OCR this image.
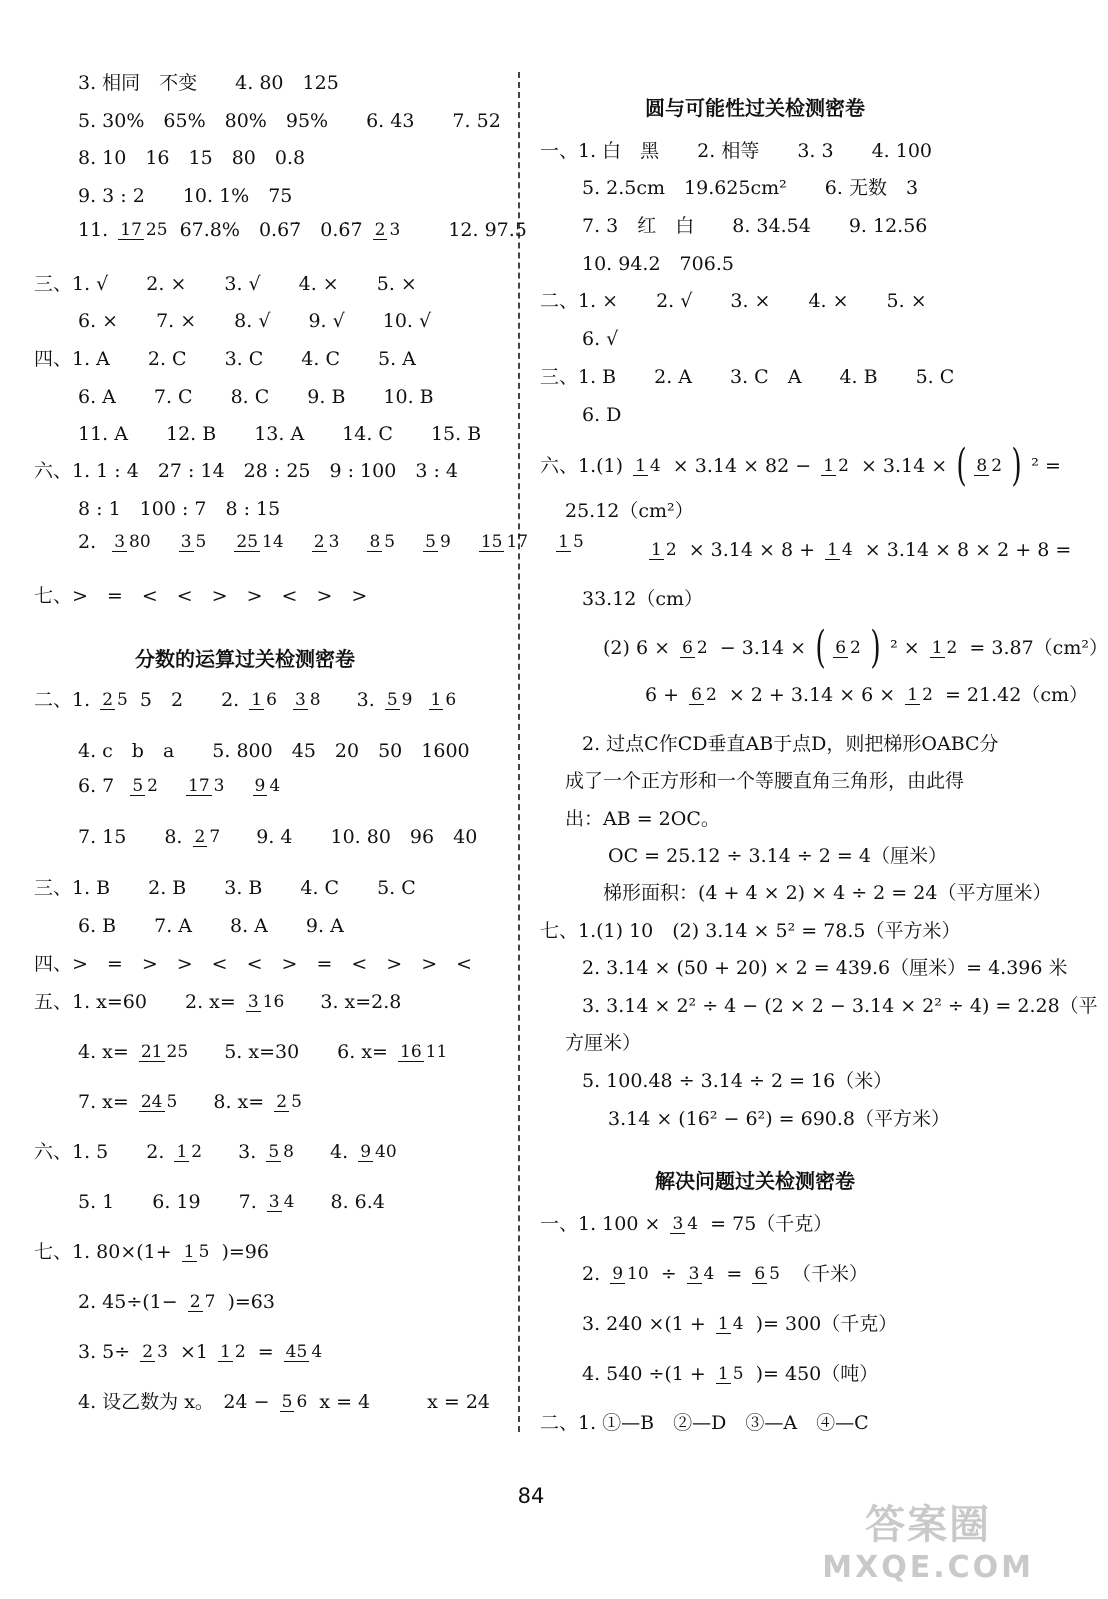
3. 相同　不变　　4. 80　125
5. 30%　65%　80%　95%　　6. 43　　7. 52
8. 10　16　15　80　0.8
9. 3 : 2　　10. 1%　75
11. 17 25 67.8%　0.67̇　0.6̇7̇ 2 3	12. 97.5
三、1. √　　2. ×　　3. √　　4. ×　　5. ×
6. ×　　7. ×　　8. √　　9. √　　10. √
四、1. A　　2. C　　3. C　　4. C　　5. A
6. A　　7. C　　8. C　　9. B　　10. B
11. A　　12. B　　13. A　　14. C　　15. B
六、1. 1 : 4　27 : 14　28 : 25　9 : 100　3 : 4
8 : 1　100 : 7　8 : 15
2. 3 80 3 5 25 14 2 3 8 5 5 9 15 17 1 5
七、>　=　<　<　>　>　<　>　>
分数的运算过关检测密卷
二、1. 2 5 5　2　　2. 1 6 3 8 3. 5 9 1 6
4. c　b　a　　5. 800　45　20　50　1600
6. 7 5 2 17 3 9 4
7. 15　　8. 2 7 9. 4　　10. 80　96　40
三、1. B　　2. B　　3. B　　4. C　　5. C
6. B　　7. A　　8. A　　9. A
四、>　=　>　>　<　<　>　=　<　>　>　<
五、1. x=60　　2. x= 3 16 3. x=2.8
4. x= 21 25 5. x=30　　6. x= 16 11
7. x= 24 5 8. x= 2 5
六、1. 5　　2. 1 2 3. 5 8 4. 9 40
5. 1　　6. 19　　7. 3 4 8. 6.4
七、1. 80×(1+ 1 5 )=96
2. 45÷(1− 2 7 )=63
3. 5÷ 2 3 ×1 1 2 = 45 4
4. 设乙数为 x。　24 − 5 6 x = 4　　　x = 24
圆与可能性过关检测密卷
一、1. 白　黑　　2. 相等　　3. 3　　4. 100
5. 2.5cm　19.625cm²　　6. 无数　3
7. 3　红　白　　8. 34.54　　9. 12.56
10. 94.2　706.5
二、1. ×　　2. √　　3. ×　　4. ×　　5. ×
6. √
三、1. B　　2. A　　3. C　A　　4. B　　5. C
6. D
六、1.(1) 1 4 × 3.14 × 82 − 1 2 × 3.14 × ( 8 2 ) ² =
25.12（cm²）
1 2 × 3.14 × 8 + 1 4 × 3.14 × 8 × 2 + 8 =
33.12（cm）
(2) 6 × 6 2 − 3.14 × ( 6 2 ) ² × 1 2 = 3.87（cm²）
6 + 6 2 × 2 + 3.14 × 6 × 1 2 = 21.42（cm）
2. 过点C作CD垂直AB于点D，则把梯形OABC分
成了一个正方形和一个等腰直角三角形，由此得
出：AB = 2OC。
OC = 25.12 ÷ 3.14 ÷ 2 = 4（厘米）
梯形面积：(4 + 4 × 2) × 4 ÷ 2 = 24（平方厘米）
七、1.(1) 10　(2) 3.14 × 5² = 78.5（平方米）
2. 3.14 × (50 + 20) × 2 = 439.6（厘米）= 4.396 米
3. 3.14 × 2² ÷ 4 − (2 × 2 − 3.14 × 2² ÷ 4) = 2.28（平
方厘米）
5. 100.48 ÷ 3.14 ÷ 2 = 16（米）
3.14 × (16² − 6²) = 690.8（平方米）
解决问题过关检测密卷
一、1. 100 × 3 4 = 75（千克）
2. 9 10 ÷ 3 4 = 6 5 （千米）
3. 240 ×(1 + 1 4 )= 300（千克）
4. 540 ÷(1 + 1 5 )= 450（吨）
二、1. ①—B　②—D　③—A　④—C
84
答案圈
MXQE.COM
